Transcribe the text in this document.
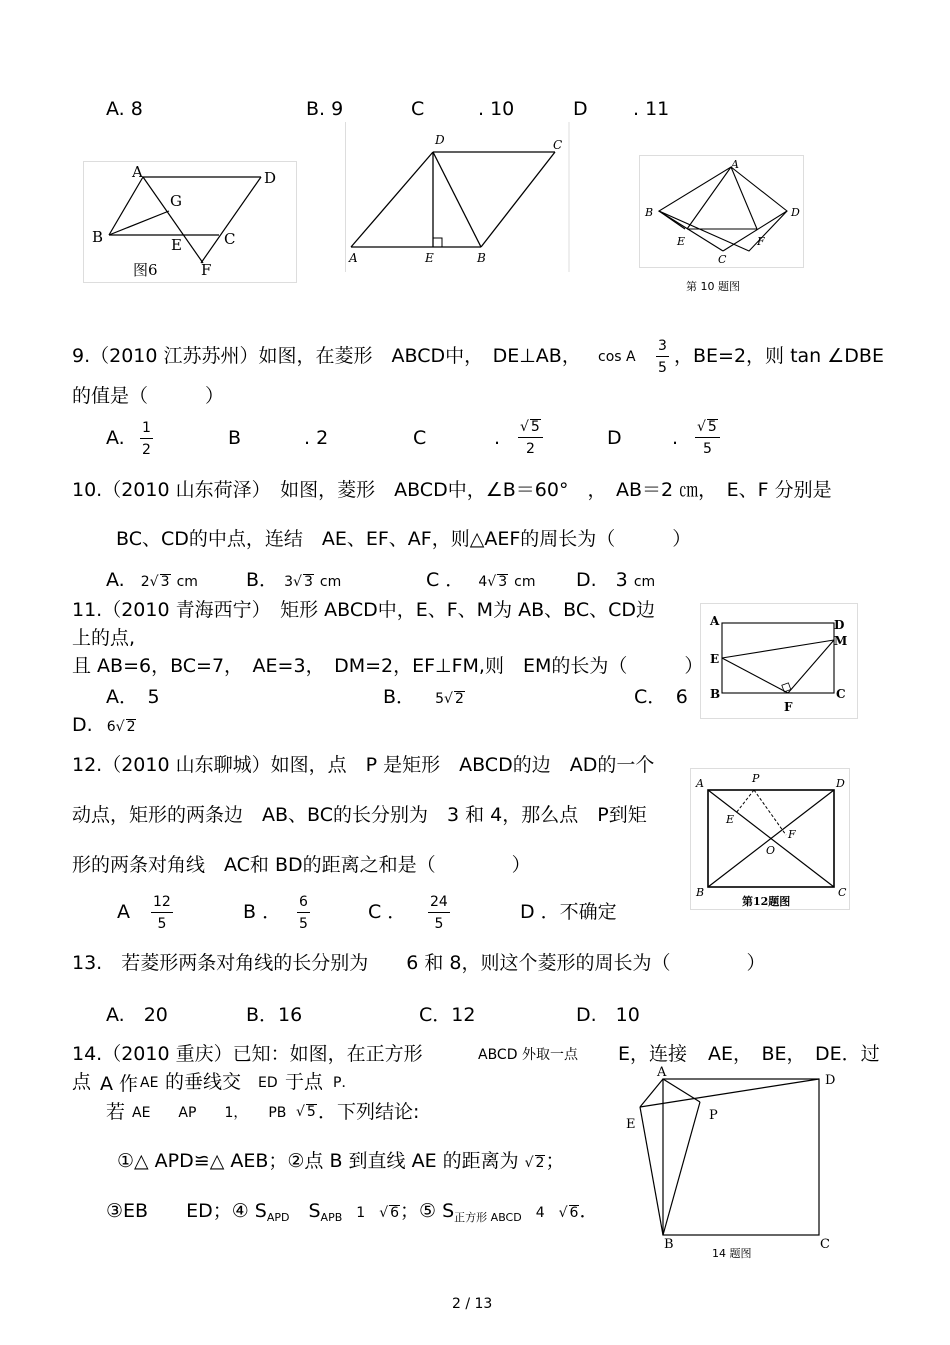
A. 8	B. 9	C	. 10	D . 11
A
G
D
B	E	C
F
图6
D	C
A	E	B
A
B	D
E	F
C
第 10 题图
9.（2010 江苏苏州）如图，在菱形　ABCD中，　DE⊥AB， cos A $\frac{3}{5}$ ，BE=2，则 tan ∠DBE
的值是（　　　）
A. $\frac{1}{2}$	B	. 2	C	. $\frac{√ 5}{2}$	D	. $\frac{√ 5}{5}$
10.（2010 山东荷泽）　如图，菱形　ABCD中，∠B＝60°　，　AB＝2 ㎝，　E、F 分别是
BC、CD的中点，连结　AE、EF、AF，则△AEF的周长为（　　　）
A. 2√ 3 cm	B． 3√ 3 cm	C ． 4√ 3 cm D.　3 cm
11.（2010 青海西宁）　矩形 ABCD中，E、F、M为 AB、BC、CD边
上的点,
且 AB=6，BC=7，　AE=3，　DM=2，EF⊥FM,则　EM的长为（　　　）
A．　5	B． 5√ 2	C．　6
D. 6√ 2
A	D
M
E
B
F
C
12.（2010 山东聊城）如图，点　P 是矩形　ABCD的边　AD的一个
动点，矩形的两条边　AB、BC的长分别为　3 和 4，那么点　P到矩
形的两条对角线　AC和 BD的距离之和是（　　　　）
A $\frac{12}{5}$	B ． $\frac{6}{5}$	C ． $\frac{24}{5}$	D ．不确定
A	P	D
E
F
O
B	C
第12题图
13.　若菱形两条对角线的长分别为　　6 和 8，则这个菱形的周长为（　　　　）
A.　20	B．16	C．12	D.　10
14.（2010 重庆）已知：如图，在正方形	ABCD 外取一点 E，连接 AE，　BE，　DE．过
点 A 作 AE 的垂线交 ED 于点 P．
若 AE　　AP　　1，　　PB √ 5 ．下列结论:
①△ APD≌△ AEB；②点 B 到直线 AE 的距离为 √ 2；
③EB　　ED；④ $S_{APD}$　$S_{APB}$　1　√ 6；⑤ $S_{正方形 ABCD}$　4　√ 6．
A
D
E
P
B	C
14 题图
2 / 13
